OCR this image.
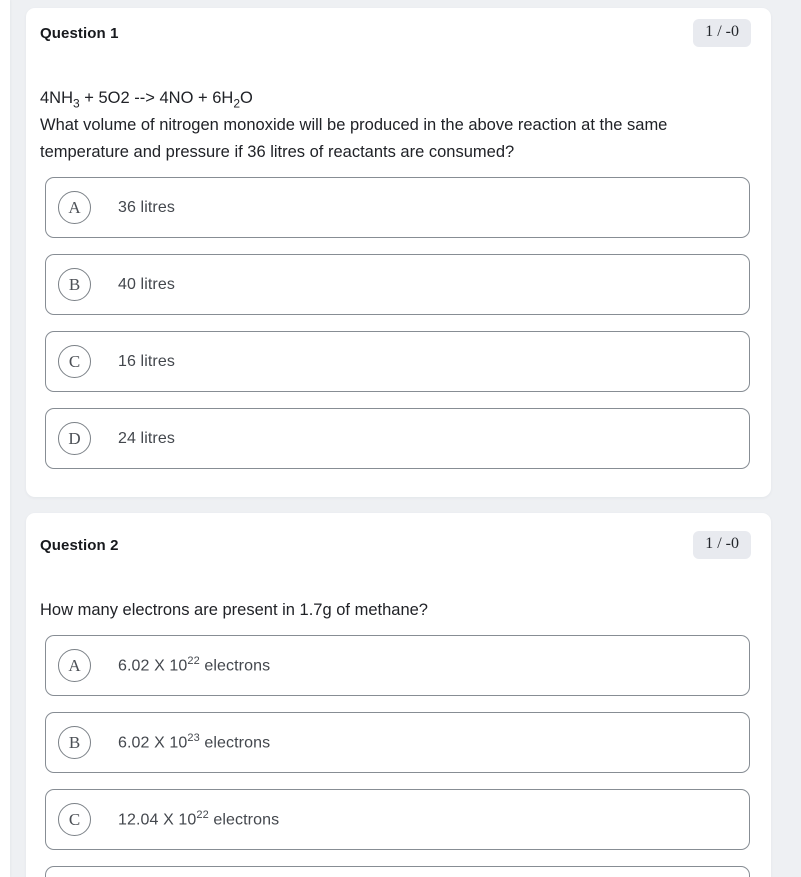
Question 1	1 / -0

$4NH_3 + 5O2$ --> $4NO + 6H_2O$

What volume of nitrogen monoxide will be produced in the above reaction at the same temperature and pressure if 36 litres of reactants are consumed?

A	36 litres
B	40 litres
C	16 litres
D	24 litres
Question 2	1 / -0

How many electrons are present in 1.7g of methane?

A	6.02 X $10^{22}$ electrons
B	6.02 X $10^{23}$ electrons
C	12.04 X $10^{22}$ electrons
